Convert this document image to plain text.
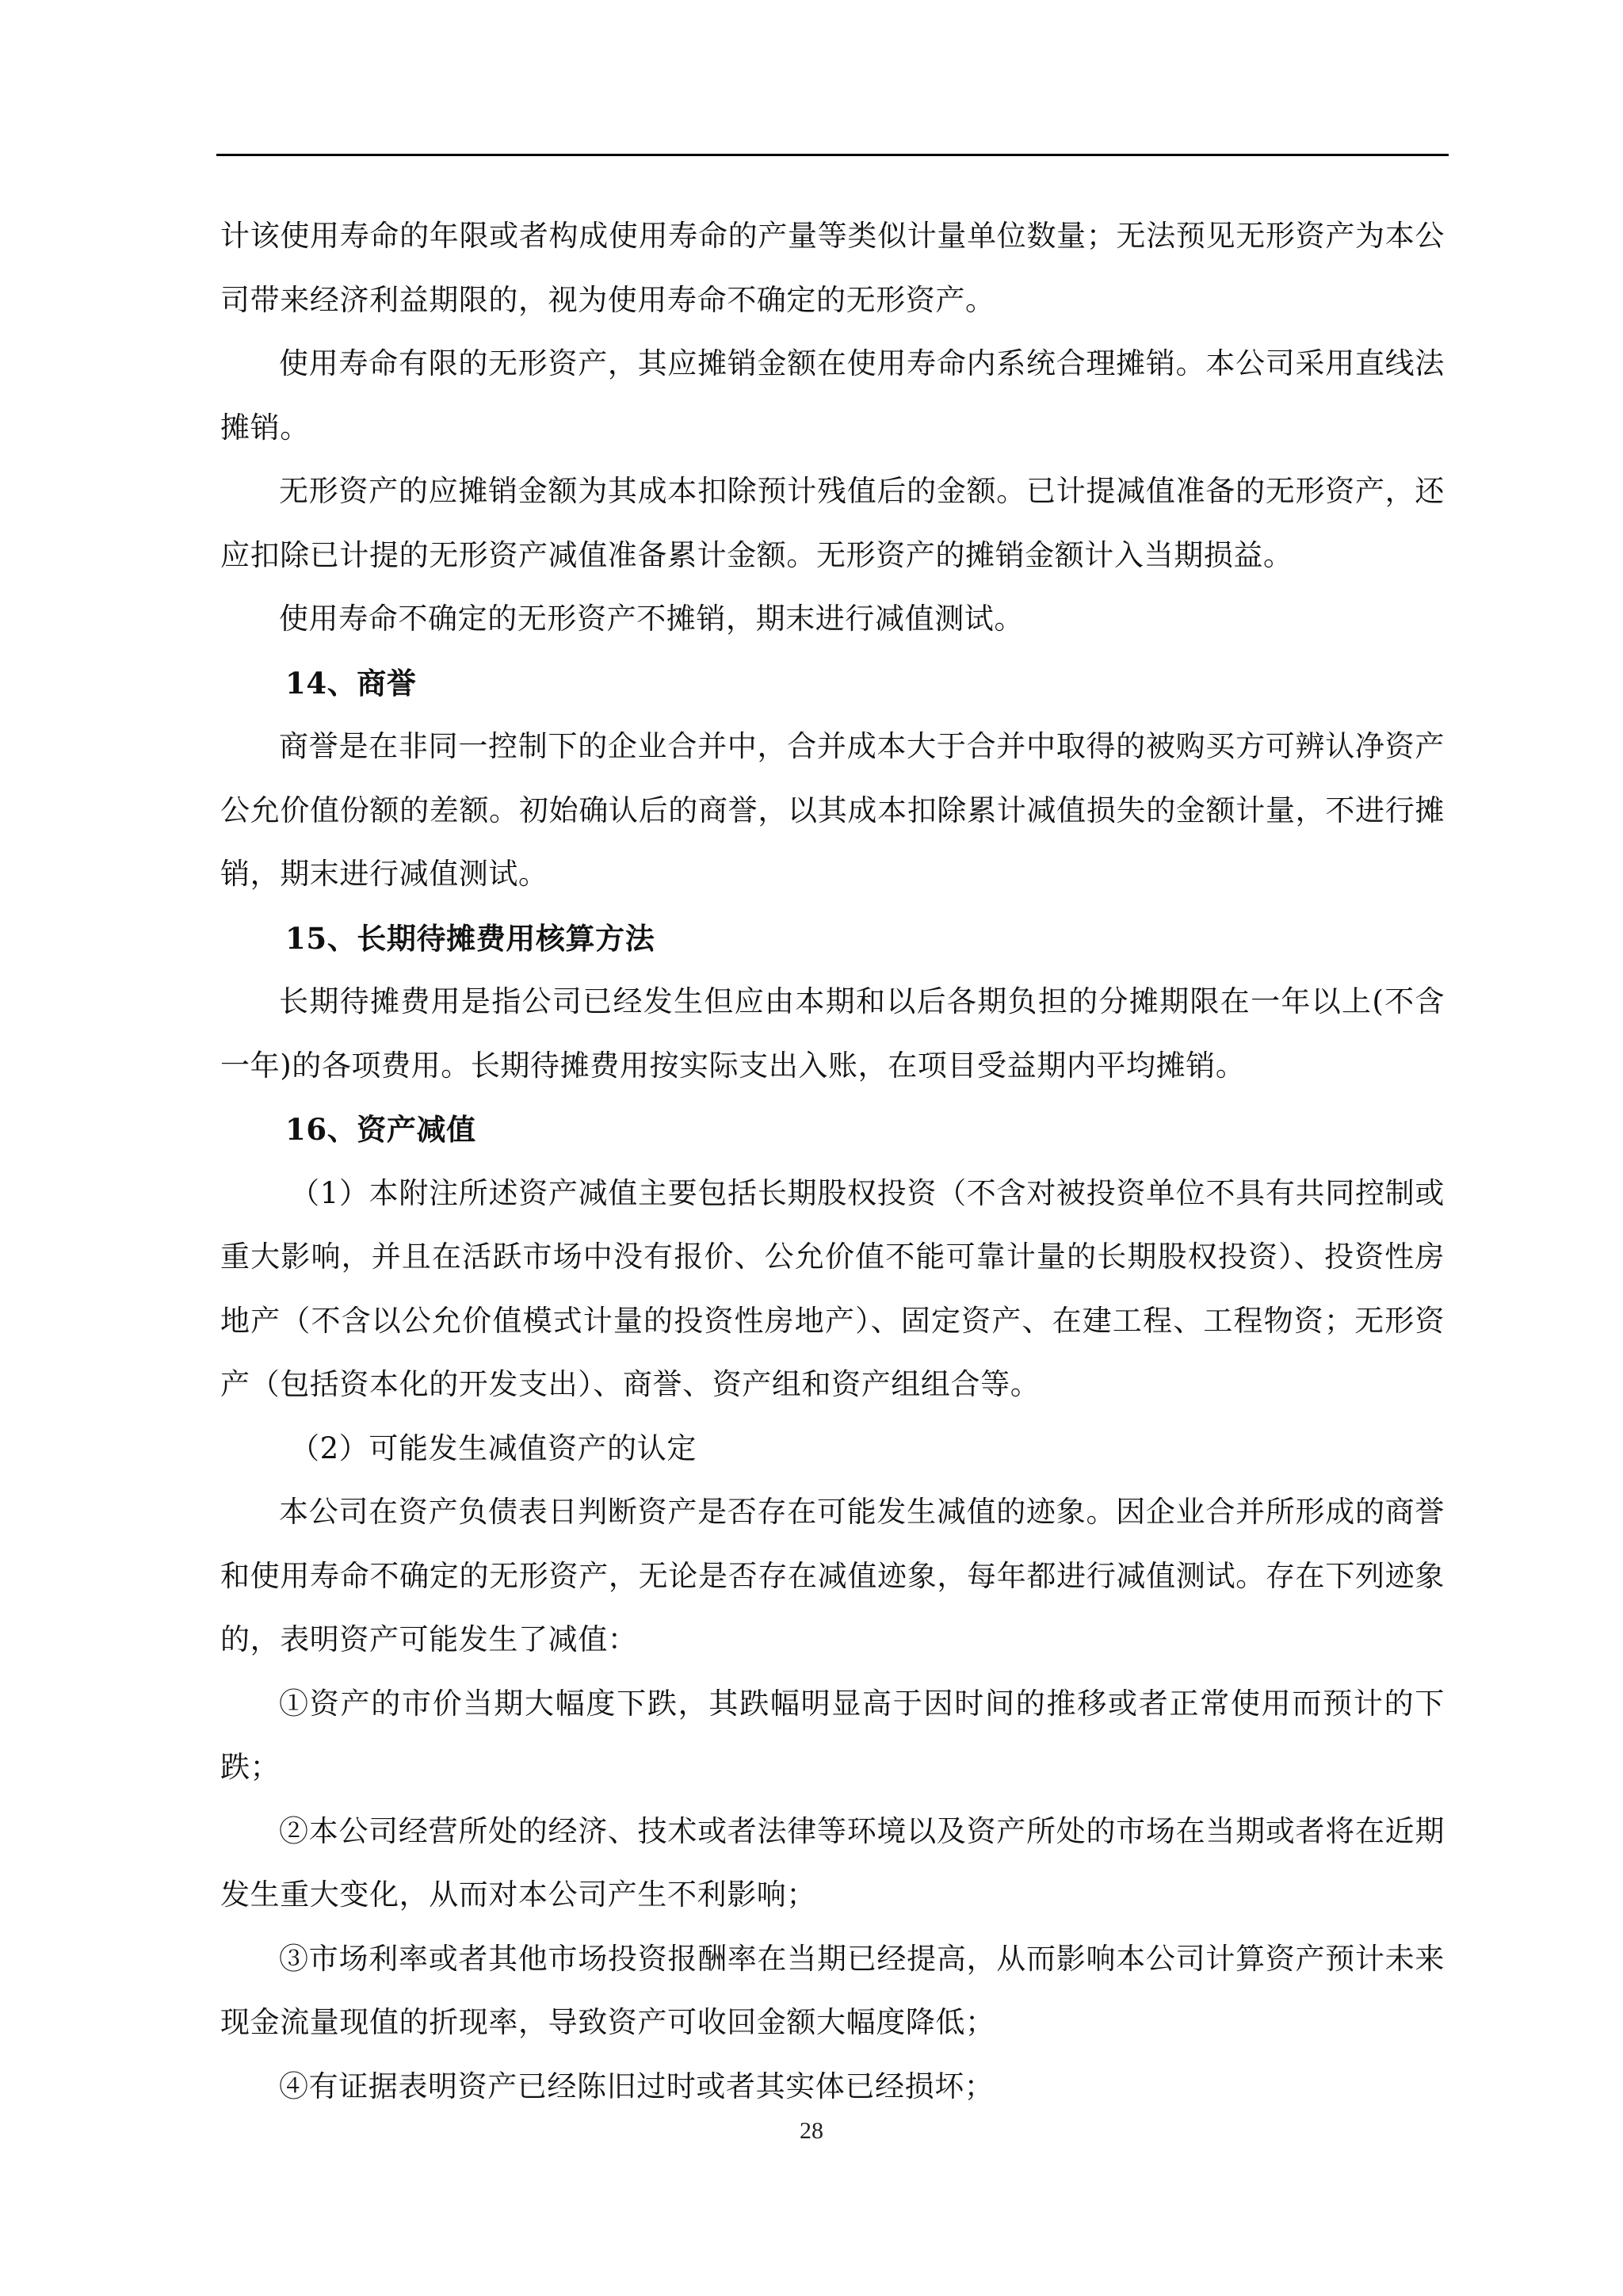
计该使用寿命的年限或者构成使用寿命的产量等类似计量单位数量；无法预见无形资产为本公司带来经济利益期限的，视为使用寿命不确定的无形资产。

使用寿命有限的无形资产，其应摊销金额在使用寿命内系统合理摊销。本公司采用直线法摊销。

无形资产的应摊销金额为其成本扣除预计残值后的金额。已计提减值准备的无形资产，还应扣除已计提的无形资产减值准备累计金额。无形资产的摊销金额计入当期损益。

使用寿命不确定的无形资产不摊销，期末进行减值测试。

14、商誉

商誉是在非同一控制下的企业合并中，合并成本大于合并中取得的被购买方可辨认净资产公允价值份额的差额。初始确认后的商誉，以其成本扣除累计减值损失的金额计量，不进行摊销，期末进行减值测试。

15、长期待摊费用核算方法

长期待摊费用是指公司已经发生但应由本期和以后各期负担的分摊期限在一年以上(不含一年)的各项费用。长期待摊费用按实际支出入账，在项目受益期内平均摊销。

16、资产减值

（1）本附注所述资产减值主要包括长期股权投资（不含对被投资单位不具有共同控制或重大影响，并且在活跃市场中没有报价、公允价值不能可靠计量的长期股权投资）、投资性房地产（不含以公允价值模式计量的投资性房地产）、固定资产、在建工程、工程物资；无形资产（包括资本化的开发支出）、商誉、资产组和资产组组合等。

（2）可能发生减值资产的认定

本公司在资产负债表日判断资产是否存在可能发生减值的迹象。因企业合并所形成的商誉和使用寿命不确定的无形资产，无论是否存在减值迹象，每年都进行减值测试。存在下列迹象的，表明资产可能发生了减值：

①资产的市价当期大幅度下跌，其跌幅明显高于因时间的推移或者正常使用而预计的下跌；

②本公司经营所处的经济、技术或者法律等环境以及资产所处的市场在当期或者将在近期发生重大变化，从而对本公司产生不利影响；

③市场利率或者其他市场投资报酬率在当期已经提高，从而影响本公司计算资产预计未来现金流量现值的折现率，导致资产可收回金额大幅度降低；

④有证据表明资产已经陈旧过时或者其实体已经损坏；

28
